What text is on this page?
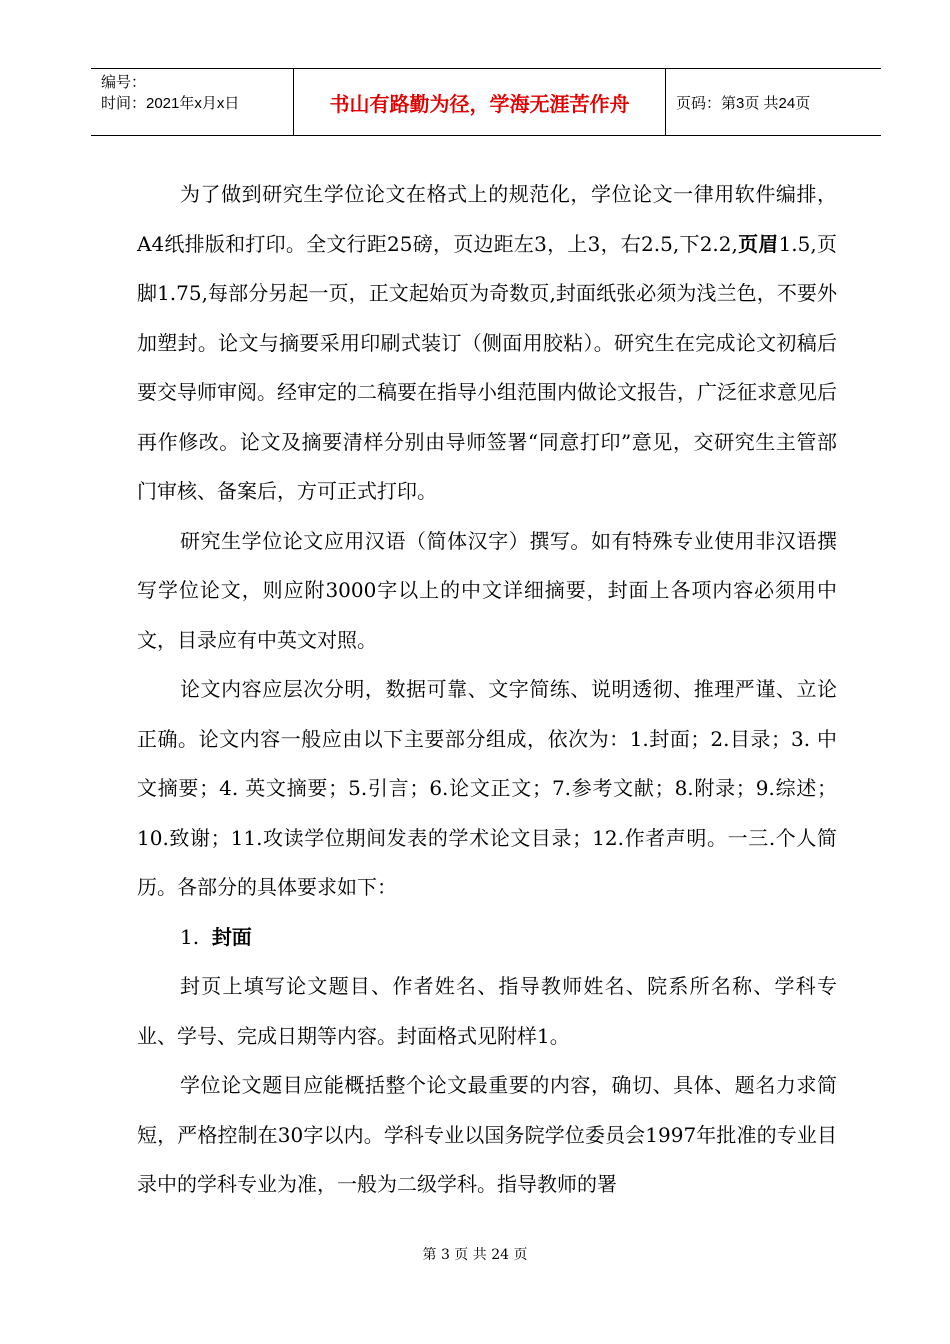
编号：
时间：2021年x月x日	书山有路勤为径，学海无涯苦作舟	页码：第3页 共24页

为了做到研究生学位论文在格式上的规范化，学位论文一律用软件编排，A4纸排版和打印。全文行距25磅，页边距左3，上3，右2.5,下2.2,页眉1.5,页脚1.75,每部分另起一页，正文起始页为奇数页,封面纸张必须为浅兰色，不要外加塑封。论文与摘要采用印刷式装订（侧面用胶粘）。研究生在完成论文初稿后要交导师审阅。经审定的二稿要在指导小组范围内做论文报告，广泛征求意见后再作修改。论文及摘要清样分别由导师签署“同意打印”意见，交研究生主管部门审核、备案后，方可正式打印。

研究生学位论文应用汉语（简体汉字）撰写。如有特殊专业使用非汉语撰写学位论文，则应附3000字以上的中文详细摘要，封面上各项内容必须用中文，目录应有中英文对照。

论文内容应层次分明，数据可靠、文字简练、说明透彻、推理严谨、立论正确。论文内容一般应由以下主要部分组成，依次为：1.封面；2.目录；3. 中文摘要；4. 英文摘要；5.引言；6.论文正文；7.参考文献；8.附录；9.综述；10.致谢；11.攻读学位期间发表的学术论文目录；12.作者声明。一三.个人简历。各部分的具体要求如下：

1. 封面

封页上填写论文题目、作者姓名、指导教师姓名、院系所名称、学科专业、学号、完成日期等内容。封面格式见附样1。

学位论文题目应能概括整个论文最重要的内容，确切、具体、题名力求简短，严格控制在30字以内。学科专业以国务院学位委员会1997年批准的专业目录中的学科专业为准，一般为二级学科。指导教师的署

第 3 页 共 24 页
